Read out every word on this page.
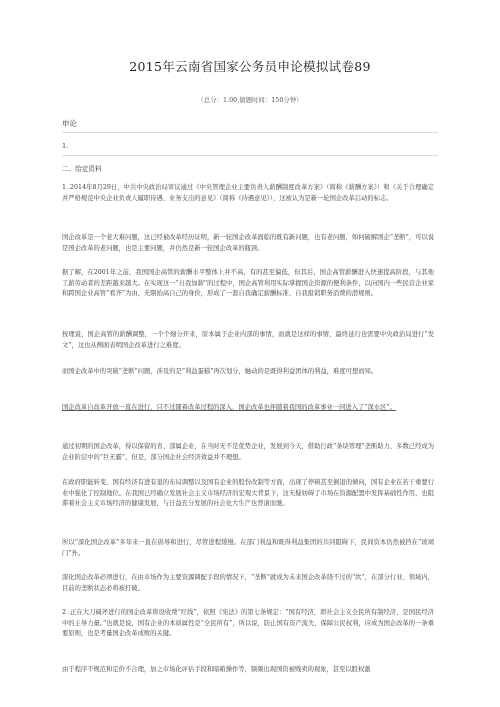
2015年云南省国家公务员申论模拟试卷89
（总分：1.00,做题时间：150分钟）
申论
1.
二、给定资料

1 .2014年8月29日，中共中央政治局审议通过《中央管理企业主要负责人薪酬制度改革方案》（简称《薪酬方案》）和《关于合理确定并严格规范中央企业负责人履职待遇、业务支出的意见》（简称《待遇意见》），这被认为是新一轮国企改革启动的标志。

国企改革是一个老大难问题，这已经被改革经历证明，新一轮国企改革面临的既有新问题，也有老问题，如何破解国企“垄断”，可以说是国企改革的老问题，也是主要问题，并仍然是新一轮国企改革的瓶颈。

据了解，在2001年之前，我国国企高管的薪酬水平整体上并不高，有的甚至偏低，但其后，国企高管薪酬进入快速提高阶段，与其他工薪劳动者的差距越来越大。在实现这一“自我加薪”的过程中，国企高管利用实际掌握国企资源的便利条件，以向国内一些民营企业家和跨国企业高管“看齐”为由，无限抬高自己的身价，形成了一套自我确定薪酬标准、自我报销职务消费的潜规则。

按理说，国企高管的薪酬调整，一个个细分开来，原本属于企业内部的事情，而就是这样的事情，最终延行也需要中央政治局进行“发文”，这也从侧面表明国企改革进行之难度。

而国企改革中的突破“垄断”问题，涉及的是“利益蛋糕”再次划分，触动的是既得利益团体的利益，难度可想而知。

国企改革自改革开放一直在进行，只不过随着改革过程的深入，国企改革也伴随着我国的改革事业一同进入了“深水区”。

通过初期的国企改革，得以保留的省、部属企业，在当时无不是优势企业，发展到今天，借助行政“条块管理”垄断助力，多数已经成为企业阶层中的“巨无霸”，但是，部分国企社会经济效益并不理想。

在政府职能转变、国有经济有进有退的布局调整以及国有企业的股份改制等方面，出现了停顿甚至倒退的倾向，国有企业在若干重要行业中强化了控制地位。在我国已经确立发展社会主义市场经济的宏观大背景下，这无疑妨碍了市场在资源配置中发挥基础性作用，也阻滞着社会主义市场经济的健康发展，与日益充分发展的社会化大生产也背道而驰。

所以“深化国企改革”多年来一直在倡导和进行，尽管进程缓慢。在部门利益和既得利益集团的共同阻碍下，民间资本仍然被挡在“玻璃门”外。

深化国企改革必须进行，在由市场作为主要资源调配手段的情况下，“垄断”就成为未来国企改革绕不过的“坎”，在部分行业、领域内，目前的垄断状态必将被打破。

2 .正在大刀阔斧进行的国企改革将设收费“红线”，依照《宪法》的第七条规定：“国有经济，即社会主义全民所有制经济，是国民经济中的主导力量。”也就是说，国有企业的本质属性是“全民所有”，所以说，防止国有资产流失，保障公民权利，应成为国企改革的一条重要原则，也是考量国企改革成败的关键。

由于程序不规范和定价不合理，加之市场化评估手段和暗箱操作等，频频出现国资被贱卖的现象，甚至以股权激
